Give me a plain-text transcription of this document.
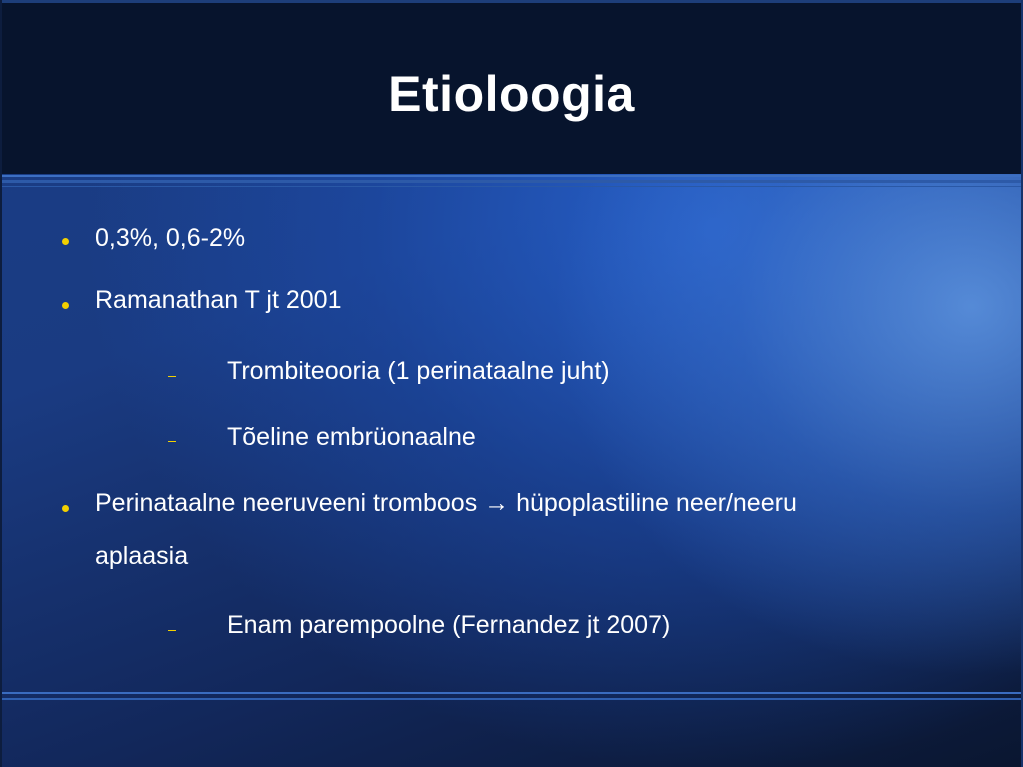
Etioloogia
0,3%, 0,6-2%
Ramanathan T jt 2001
Trombiteooria (1 perinataalne juht)
Tõeline embrüonaalne
Perinataalne neeruveeni tromboos → hüpoplastiline neer/neeru
aplaasia
Enam parempoolne (Fernandez jt 2007)
